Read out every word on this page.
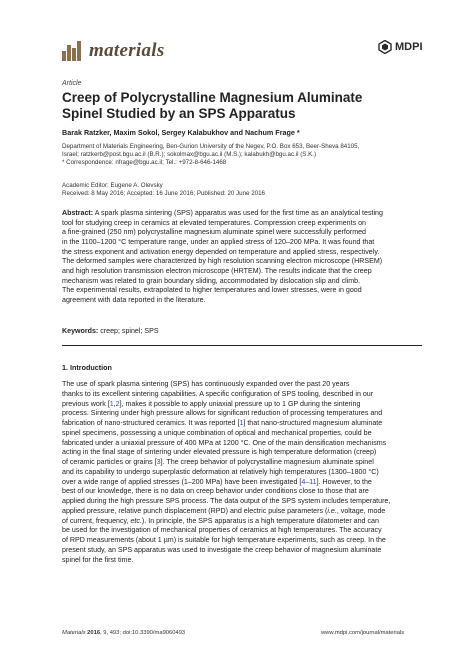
materials	MDPI
Article
Creep of Polycrystalline Magnesium Aluminate
Spinel Studied by an SPS Apparatus
Barak Ratzker, Maxim Sokol, Sergey Kalabukhov and Nachum Frage *
Department of Materials Engineering, Ben-Gurion University of the Negev, P.O. Box 653, Beer-Sheva 84105,
Israel; ratzkerb@post.bgu.ac.il (B.R.); sokolmax@bgu.ac.il (M.S.); kalabukh@bgu.ac.il (S.K.)
* Correspondence: nfrage@bgu.ac.il; Tel.: +972-8-646-1468
Academic Editor: Eugene A. Olevsky
Received: 8 May 2016; Accepted: 16 June 2016; Published: 20 June 2016
Abstract: A spark plasma sintering (SPS) apparatus was used for the first time as an analytical testing
tool for studying creep in ceramics at elevated temperatures. Compression creep experiments on
a fine-grained (250 nm) polycrystalline magnesium aluminate spinel were successfully performed
in the 1100–1200 °C temperature range, under an applied stress of 120–200 MPa. It was found that
the stress exponent and activation energy depended on temperature and applied stress, respectively.
The deformed samples were characterized by high resolution scanning electron microscope (HRSEM)
and high resolution transmission electron microscope (HRTEM). The results indicate that the creep
mechanism was related to grain boundary sliding, accommodated by dislocation slip and climb.
The experimental results, extrapolated to higher temperatures and lower stresses, were in good
agreement with data reported in the literature.
Keywords: creep; spinel; SPS
1. Introduction
The use of spark plasma sintering (SPS) has continuously expanded over the past 20 years
thanks to its excellent sintering capabilities. A specific configuration of SPS tooling, described in our
previous work [1,2], makes it possible to apply uniaxial pressure up to 1 GP during the sintering
process. Sintering under high pressure allows for significant reduction of processing temperatures and
fabrication of nano-structured ceramics. It was reported [1] that nano-structured magnesium aluminate
spinel specimens, possessing a unique combination of optical and mechanical properties, could be
fabricated under a uniaxial pressure of 400 MPa at 1200 °C. One of the main densification mechanisms
acting in the final stage of sintering under elevated pressure is high temperature deformation (creep)
of ceramic particles or grains [3]. The creep behavior of polycrystalline magnesium aluminate spinel
and its capability to undergo superplastic deformation at relatively high temperatures (1300–1800 °C)
over a wide range of applied stresses (1–200 MPa) have been investigated [4–11]. However, to the
best of our knowledge, there is no data on creep behavior under conditions close to those that are
applied during the high pressure SPS process. The data output of the SPS system includes temperature,
applied pressure, relative punch displacement (RPD) and electric pulse parameters (i.e., voltage, mode
of current, frequency, etc.). In principle, the SPS apparatus is a high temperature dilatometer and can
be used for the investigation of mechanical properties of ceramics at high temperatures. The accuracy
of RPD measurements (about 1 µm) is suitable for high temperature experiments, such as creep. In the
present study, an SPS apparatus was used to investigate the creep behavior of magnesium aluminate
spinel for the first time.
Materials 2016, 9, 493; doi:10.3390/ma9060493	www.mdpi.com/journal/materials
